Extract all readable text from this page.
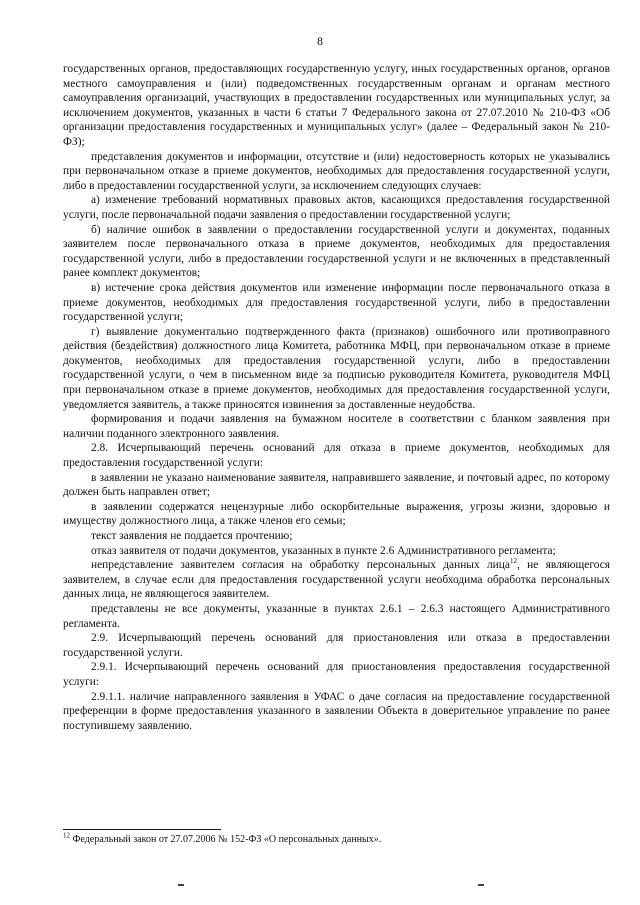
8

государственных органов, предоставляющих государственную услугу, иных государственных органов, органов местного самоуправления и (или) подведомственных государственным органам и органам местного самоуправления организаций, участвующих в предоставлении государственных или муниципальных услуг, за исключением документов, указанных в части 6 статьи 7 Федерального закона от 27.07.2010 № 210-ФЗ «Об организации предоставления государственных и муниципальных услуг» (далее – Федеральный закон № 210-ФЗ);

представления документов и информации, отсутствие и (или) недостоверность которых не указывались при первоначальном отказе в приеме документов, необходимых для предоставления государственной услуги, либо в предоставлении государственной услуги, за исключением следующих случаев:

а) изменение требований нормативных правовых актов, касающихся предоставления государственной услуги, после первоначальной подачи заявления о предоставлении государственной услуги;

б) наличие ошибок в заявлении о предоставлении государственной услуги и документах, поданных заявителем после первоначального отказа в приеме документов, необходимых для предоставления государственной услуги, либо в предоставлении государственной услуги и не включенных в представленный ранее комплект документов;

в) истечение срока действия документов или изменение информации после первоначального отказа в приеме документов, необходимых для предоставления государственной услуги, либо в предоставлении государственной услуги;

г) выявление документально подтвержденного факта (признаков) ошибочного или противоправного действия (бездействия) должностного лица Комитета, работника МФЦ, при первоначальном отказе в приеме документов, необходимых для предоставления государственной услуги, либо в предоставлении государственной услуги, о чем в письменном виде за подписью руководителя Комитета, руководителя МФЦ при первоначальном отказе в приеме документов, необходимых для предоставления государственной услуги, уведомляется заявитель, а также приносятся извинения за доставленные неудобства.

формирования и подачи заявления на бумажном носителе в соответствии с бланком заявления при наличии поданного электронного заявления.

2.8. Исчерпывающий перечень оснований для отказа в приеме документов, необходимых для предоставления государственной услуги:

в заявлении не указано наименование заявителя, направившего заявление, и почтовый адрес, по которому должен быть направлен ответ;

в заявлении содержатся нецензурные либо оскорбительные выражения, угрозы жизни, здоровью и имуществу должностного лица, а также членов его семьи;

текст заявления не поддается прочтению;

отказ заявителя от подачи документов, указанных в пункте 2.6 Административного регламента;

непредставление заявителем согласия на обработку персональных данных лица$^{12}$, не являющегося заявителем, в случае если для предоставления государственной услуги необходима обработка персональных данных лица, не являющегося заявителем.

представлены не все документы, указанные в пунктах 2.6.1 – 2.6.3 настоящего Административного регламента.

2.9. Исчерпывающий перечень оснований для приостановления или отказа в предоставлении государственной услуги.

2.9.1. Исчерпывающий перечень оснований для приостановления предоставления государственной услуги:

2.9.1.1. наличие направленного заявления в УФАС о даче согласия на предоставление государственной преференции в форме предоставления указанного в заявлении Объекта в доверительное управление по ранее поступившему заявлению.

$^{12}$ Федеральный закон от 27.07.2006 № 152-ФЗ «О персональных данных».
